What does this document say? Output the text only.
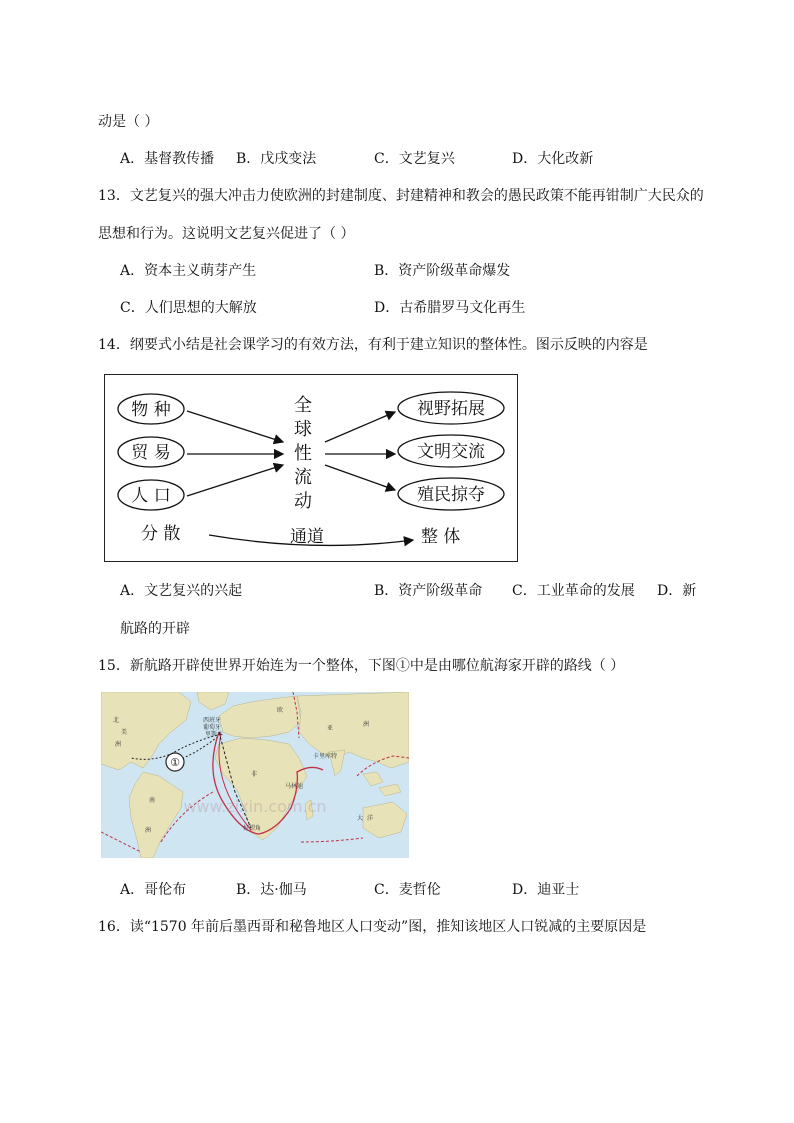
动是（ ）
A．基督教传播 B．戊戌变法	C．文艺复兴	D．大化改新
13．文艺复兴的强大冲击力使欧洲的封建制度、封建精神和教会的愚民政策不能再钳制广大民众的
思想和行为。这说明文艺复兴促进了（ ）
A．资本主义萌芽产生	B．资产阶级革命爆发
C．人们思想的大解放	D．古希腊罗马文化再生
14．纲要式小结是社会课学习的有效方法，有利于建立知识的整体性。图示反映的内容是
物 种
贸 易
人 口
全
球
性
流
动
视野拓展
文明交流
殖民掠夺
分 散	通道	整 体
A．文艺复兴的兴起	B．资产阶级革命 C．工业革命的发展 D．新
航路的开辟
15．新航路开辟使世界开始连为一个整体，下图①中是由哪位航海家开辟的路线（ ）
①
北
美
洲
南
洲
非
亚
欧
洲
西班牙
葡萄牙
里斯本
卡里库特
马林迪
好望角
大 洋
www.zixin.com.cn
A．哥伦布	B．达·伽马	C．麦哲伦	D．迪亚士
16．读“1570 年前后墨西哥和秘鲁地区人口变动”图，推知该地区人口锐减的主要原因是
